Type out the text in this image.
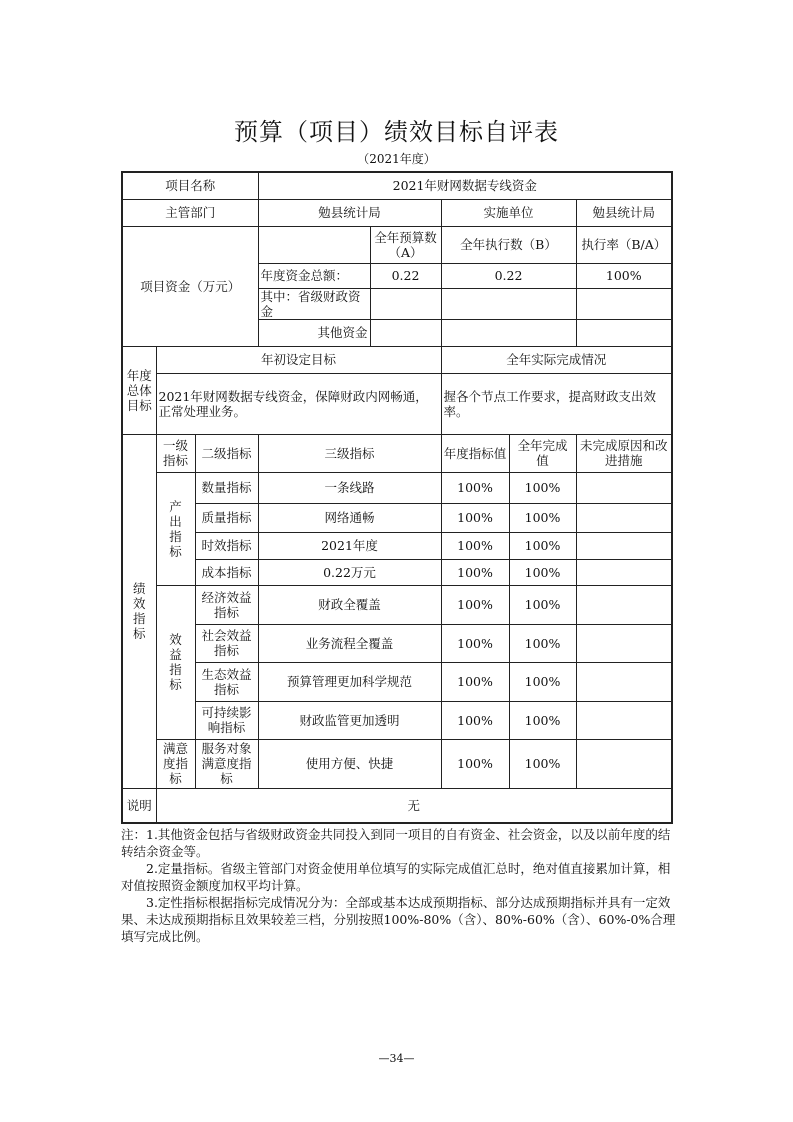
预算（项目）绩效目标自评表
（2021年度）
项目名称			2021年财网数据专线资金				
主管部门			勉县统计局		实施单位		勉县统计局
项目资金（万元）				全年预算数（A）	全年执行数（B）		执行率（B/A）
			年度资金总额：	0.22	0.22		100%
			其中：省级财政资金				
			其他资金				
年度总体目标	年初设定目标				全年实际完成情况		
	2021年财网数据专线资金，保障财政内网畅通，正常处理业务。				握各个节点工作要求，提高财政支出效率。		
绩效指标	一级指标	二级指标	三级指标		年度指标值	全年完成值	未完成原因和改进措施
	产出指标	数量指标	一条线路		100%	100%	
		质量指标	网络通畅		100%	100%	
		时效指标	2021年度		100%	100%	
		成本指标	0.22万元		100%	100%	
	效益指标	经济效益指标	财政全覆盖		100%	100%	
		社会效益指标	业务流程全覆盖		100%	100%	
		生态效益指标	预算管理更加科学规范		100%	100%	
		可持续影响指标	财政监管更加透明		100%	100%	
	满意度指标	服务对象满意度指标	使用方便、快捷		100%	100%	
说明	无						

注：1.其他资金包括与省级财政资金共同投入到同一项目的自有资金、社会资金，以及以前年度的结转结余资金等。

2.定量指标。省级主管部门对资金使用单位填写的实际完成值汇总时，绝对值直接累加计算，相对值按照资金额度加权平均计算。

3.定性指标根据指标完成情况分为：全部或基本达成预期指标、部分达成预期指标并具有一定效果、未达成预期指标且效果较差三档，分别按照100%-80%（含）、80%-60%（含）、60%-0%合理填写完成比例。

—34—
